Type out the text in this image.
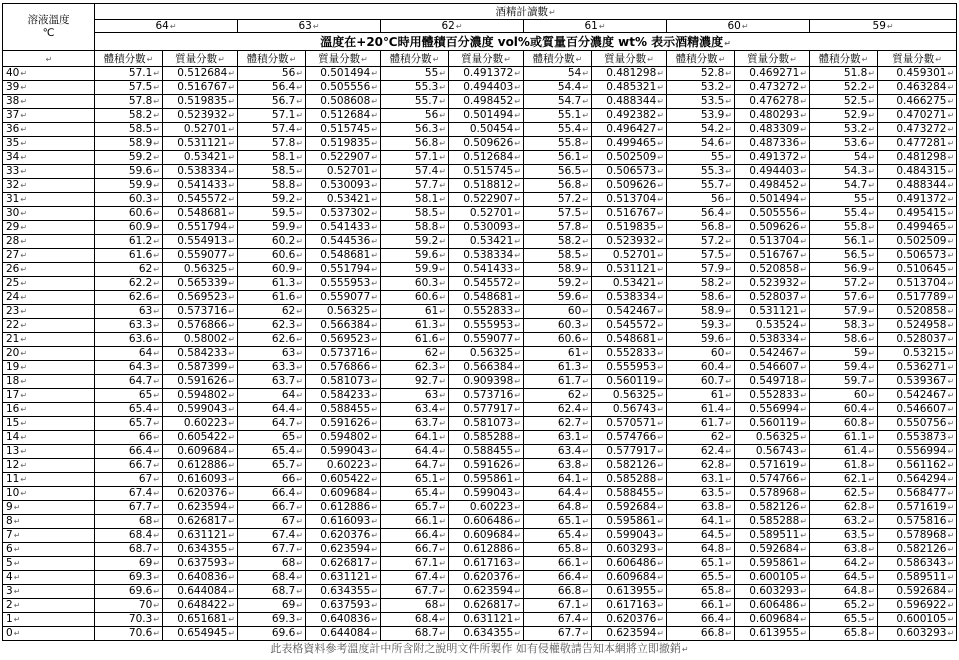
溶液溫度
℃	酒精計讀數↵											
	64↵		63↵		62↵		61↵		60↵		59↵	
	溫度在+20℃時用體積百分濃度 vol%或質量百分濃度 wt% 表示酒精濃度↵											
↵	體積分數↵	質量分數↵	體積分數↵	質量分數↵	體積分數↵	質量分數↵	體積分數↵	質量分數↵	體積分數↵	質量分數↵	體積分數↵	質量分數↵
40↵	57.1↵	0.512684↵	56↵	0.501494↵	55↵	0.491372↵	54↵	0.481298↵	52.8↵	0.469271↵	51.8↵	0.459301↵
39↵	57.5↵	0.516767↵	56.4↵	0.505556↵	55.3↵	0.494403↵	54.4↵	0.485321↵	53.2↵	0.473272↵	52.2↵	0.463284↵
38↵	57.8↵	0.519835↵	56.7↵	0.508608↵	55.7↵	0.498452↵	54.7↵	0.488344↵	53.5↵	0.476278↵	52.5↵	0.466275↵
37↵	58.2↵	0.523932↵	57.1↵	0.512684↵	56↵	0.501494↵	55.1↵	0.492382↵	53.9↵	0.480293↵	52.9↵	0.470271↵
36↵	58.5↵	0.52701↵	57.4↵	0.515745↵	56.3↵	0.50454↵	55.4↵	0.496427↵	54.2↵	0.483309↵	53.2↵	0.473272↵
35↵	58.9↵	0.531121↵	57.8↵	0.519835↵	56.8↵	0.509626↵	55.8↵	0.499465↵	54.6↵	0.487336↵	53.6↵	0.477281↵
34↵	59.2↵	0.53421↵	58.1↵	0.522907↵	57.1↵	0.512684↵	56.1↵	0.502509↵	55↵	0.491372↵	54↵	0.481298↵
33↵	59.6↵	0.538334↵	58.5↵	0.52701↵	57.4↵	0.515745↵	56.5↵	0.506573↵	55.3↵	0.494403↵	54.3↵	0.484315↵
32↵	59.9↵	0.541433↵	58.8↵	0.530093↵	57.7↵	0.518812↵	56.8↵	0.509626↵	55.7↵	0.498452↵	54.7↵	0.488344↵
31↵	60.3↵	0.545572↵	59.2↵	0.53421↵	58.1↵	0.522907↵	57.2↵	0.513704↵	56↵	0.501494↵	55↵	0.491372↵
30↵	60.6↵	0.548681↵	59.5↵	0.537302↵	58.5↵	0.52701↵	57.5↵	0.516767↵	56.4↵	0.505556↵	55.4↵	0.495415↵
29↵	60.9↵	0.551794↵	59.9↵	0.541433↵	58.8↵	0.530093↵	57.8↵	0.519835↵	56.8↵	0.509626↵	55.8↵	0.499465↵
28↵	61.2↵	0.554913↵	60.2↵	0.544536↵	59.2↵	0.53421↵	58.2↵	0.523932↵	57.2↵	0.513704↵	56.1↵	0.502509↵
27↵	61.6↵	0.559077↵	60.6↵	0.548681↵	59.6↵	0.538334↵	58.5↵	0.52701↵	57.5↵	0.516767↵	56.5↵	0.506573↵
26↵	62↵	0.56325↵	60.9↵	0.551794↵	59.9↵	0.541433↵	58.9↵	0.531121↵	57.9↵	0.520858↵	56.9↵	0.510645↵
25↵	62.2↵	0.565339↵	61.3↵	0.555953↵	60.3↵	0.545572↵	59.2↵	0.53421↵	58.2↵	0.523932↵	57.2↵	0.513704↵
24↵	62.6↵	0.569523↵	61.6↵	0.559077↵	60.6↵	0.548681↵	59.6↵	0.538334↵	58.6↵	0.528037↵	57.6↵	0.517789↵
23↵	63↵	0.573716↵	62↵	0.56325↵	61↵	0.552833↵	60↵	0.542467↵	58.9↵	0.531121↵	57.9↵	0.520858↵
22↵	63.3↵	0.576866↵	62.3↵	0.566384↵	61.3↵	0.555953↵	60.3↵	0.545572↵	59.3↵	0.53524↵	58.3↵	0.524958↵
21↵	63.6↵	0.58002↵	62.6↵	0.569523↵	61.6↵	0.559077↵	60.6↵	0.548681↵	59.6↵	0.538334↵	58.6↵	0.528037↵
20↵	64↵	0.584233↵	63↵	0.573716↵	62↵	0.56325↵	61↵	0.552833↵	60↵	0.542467↵	59↵	0.53215↵
19↵	64.3↵	0.587399↵	63.3↵	0.576866↵	62.3↵	0.566384↵	61.3↵	0.555953↵	60.4↵	0.546607↵	59.4↵	0.536271↵
18↵	64.7↵	0.591626↵	63.7↵	0.581073↵	92.7↵	0.909398↵	61.7↵	0.560119↵	60.7↵	0.549718↵	59.7↵	0.539367↵
17↵	65↵	0.594802↵	64↵	0.584233↵	63↵	0.573716↵	62↵	0.56325↵	61↵	0.552833↵	60↵	0.542467↵
16↵	65.4↵	0.599043↵	64.4↵	0.588455↵	63.4↵	0.577917↵	62.4↵	0.56743↵	61.4↵	0.556994↵	60.4↵	0.546607↵
15↵	65.7↵	0.60223↵	64.7↵	0.591626↵	63.7↵	0.581073↵	62.7↵	0.570571↵	61.7↵	0.560119↵	60.8↵	0.550756↵
14↵	66↵	0.605422↵	65↵	0.594802↵	64.1↵	0.585288↵	63.1↵	0.574766↵	62↵	0.56325↵	61.1↵	0.553873↵
13↵	66.4↵	0.609684↵	65.4↵	0.599043↵	64.4↵	0.588455↵	63.4↵	0.577917↵	62.4↵	0.56743↵	61.4↵	0.556994↵
12↵	66.7↵	0.612886↵	65.7↵	0.60223↵	64.7↵	0.591626↵	63.8↵	0.582126↵	62.8↵	0.571619↵	61.8↵	0.561162↵
11↵	67↵	0.616093↵	66↵	0.605422↵	65.1↵	0.595861↵	64.1↵	0.585288↵	63.1↵	0.574766↵	62.1↵	0.564294↵
10↵	67.4↵	0.620376↵	66.4↵	0.609684↵	65.4↵	0.599043↵	64.4↵	0.588455↵	63.5↵	0.578968↵	62.5↵	0.568477↵
9↵	67.7↵	0.623594↵	66.7↵	0.612886↵	65.7↵	0.60223↵	64.8↵	0.592684↵	63.8↵	0.582126↵	62.8↵	0.571619↵
8↵	68↵	0.626817↵	67↵	0.616093↵	66.1↵	0.606486↵	65.1↵	0.595861↵	64.1↵	0.585288↵	63.2↵	0.575816↵
7↵	68.4↵	0.631121↵	67.4↵	0.620376↵	66.4↵	0.609684↵	65.4↵	0.599043↵	64.5↵	0.589511↵	63.5↵	0.578968↵
6↵	68.7↵	0.634355↵	67.7↵	0.623594↵	66.7↵	0.612886↵	65.8↵	0.603293↵	64.8↵	0.592684↵	63.8↵	0.582126↵
5↵	69↵	0.637593↵	68↵	0.626817↵	67.1↵	0.617163↵	66.1↵	0.606486↵	65.1↵	0.595861↵	64.2↵	0.586343↵
4↵	69.3↵	0.640836↵	68.4↵	0.631121↵	67.4↵	0.620376↵	66.4↵	0.609684↵	65.5↵	0.600105↵	64.5↵	0.589511↵
3↵	69.6↵	0.644084↵	68.7↵	0.634355↵	67.7↵	0.623594↵	66.8↵	0.613955↵	65.8↵	0.603293↵	64.8↵	0.592684↵
2↵	70↵	0.648422↵	69↵	0.637593↵	68↵	0.626817↵	67.1↵	0.617163↵	66.1↵	0.606486↵	65.2↵	0.596922↵
1↵	70.3↵	0.651681↵	69.3↵	0.640836↵	68.4↵	0.631121↵	67.4↵	0.620376↵	66.4↵	0.609684↵	65.5↵	0.600105↵
0↵	70.6↵	0.654945↵	69.6↵	0.644084↵	68.7↵	0.634355↵	67.7↵	0.623594↵	66.8↵	0.613955↵	65.8↵	0.603293↵
此表格資料參考溫度計中所含附之說明文件所製作 如有侵權敬請告知本網將立即撤銷↵
